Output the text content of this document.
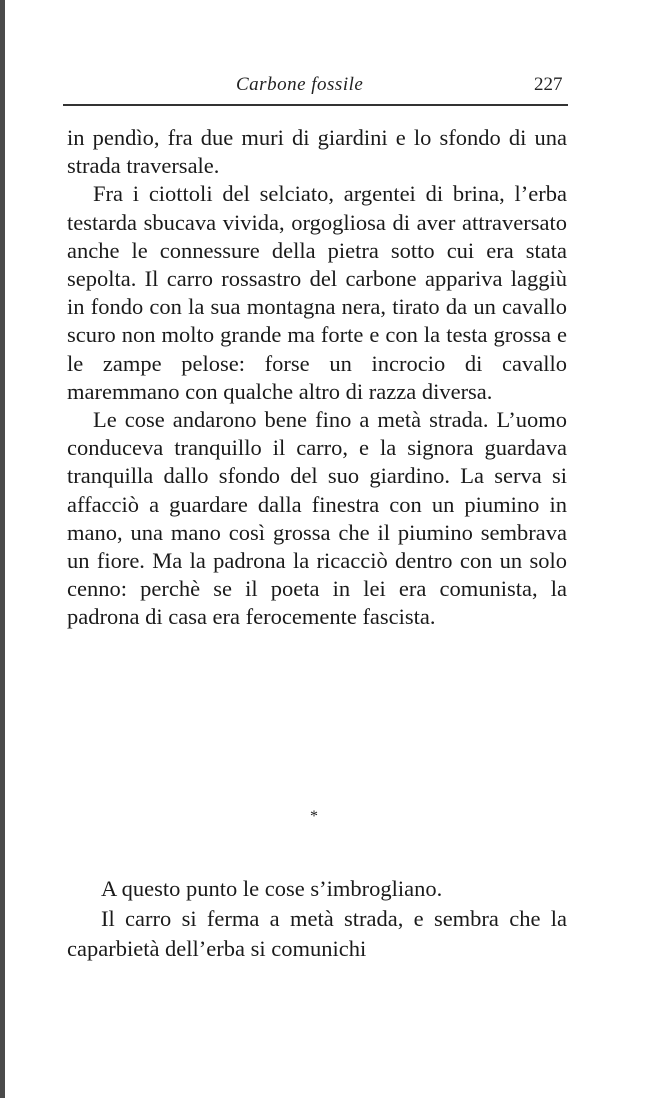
Carbone fossile	227

in pendìo, fra due muri di giardini e lo sfondo di una strada traversale.

Fra i ciottoli del selciato, argentei di brina, l’erba testarda sbucava vivida, orgogliosa di aver attraversato anche le connessure della pietra sotto cui era stata sepolta. Il carro rossastro del carbone appariva laggiù in fondo con la sua montagna nera, tirato da un cavallo scuro non molto grande ma forte e con la testa grossa e le zampe pelose: forse un incrocio di cavallo maremmano con qualche altro di razza diversa.

Le cose andarono bene fino a metà strada. L’uomo conduceva tranquillo il carro, e la signora guardava tranquilla dallo sfondo del suo giardino. La serva si affacciò a guardare dalla finestra con un piumino in mano, una mano così grossa che il piumino sembrava un fiore. Ma la padrona la ricacciò dentro con un solo cenno: perchè se il poeta in lei era comunista, la padrona di casa era ferocemente fascista.

*

A questo punto le cose s’imbrogliano.

Il carro si ferma a metà strada, e sembra che la caparbietà dell’erba si comunichi
